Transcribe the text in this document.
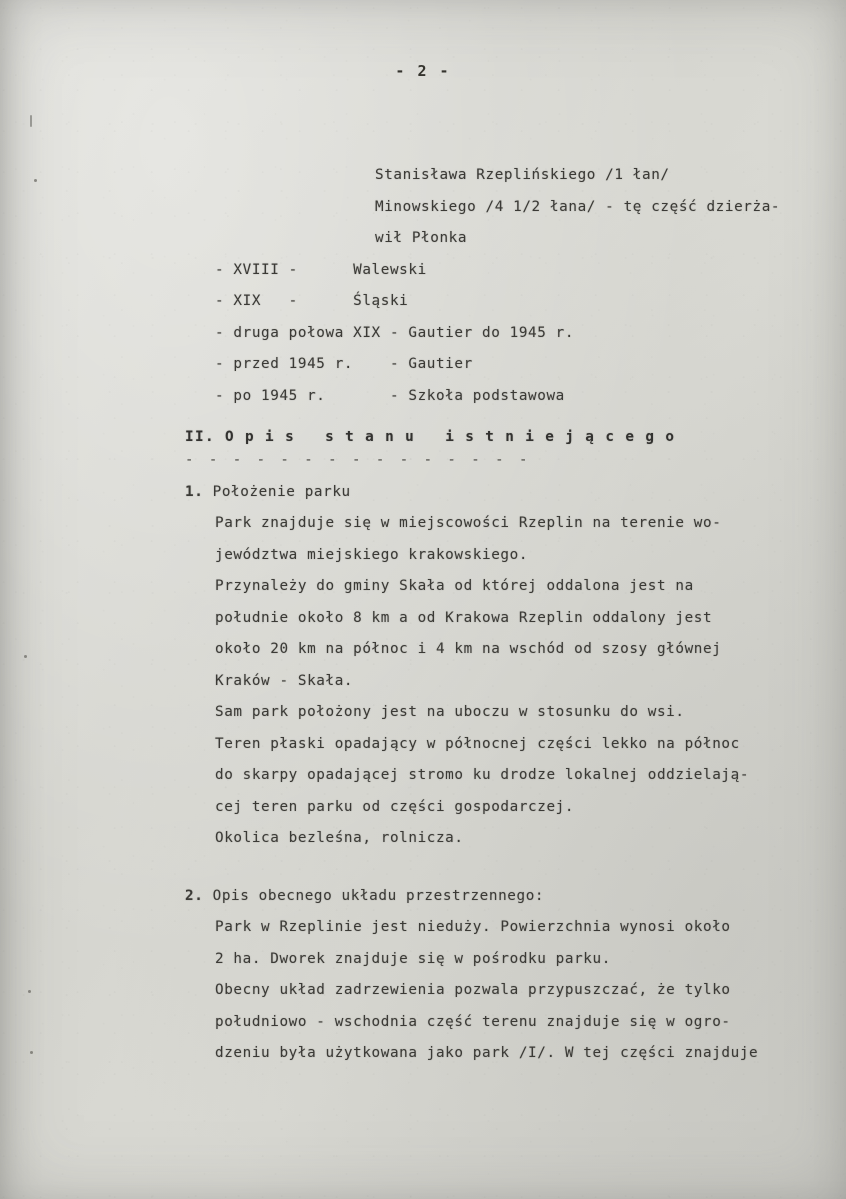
- 2 -
Stanisława Rzeplińskiego /1 łan/
Minowskiego /4 1/2 łana/ - tę część dzierża-
wił Płonka
- XVIII -      Walewski
- XIX   -      Śląski
- druga połowa XIX - Gautier do 1945 r.
- przed 1945 r.    - Gautier
- po 1945 r.       - Szkoła podstawowa
II. O p i s   s t a n u   i s t n i e j ą c e g o
- - - - - - - - - - - - - - -
1. Położenie parku
Park znajduje się w miejscowości Rzeplin na terenie wo-
jewództwa miejskiego krakowskiego.
Przynależy do gminy Skała od której oddalona jest na
południe około 8 km a od Krakowa Rzeplin oddalony jest
około 20 km na północ i 4 km na wschód od szosy głównej
Kraków - Skała.
Sam park położony jest na uboczu w stosunku do wsi.
Teren płaski opadający w północnej części lekko na północ
do skarpy opadającej stromo ku drodze lokalnej oddzielają-
cej teren parku od części gospodarczej.
Okolica bezleśna, rolnicza.
2. Opis obecnego układu przestrzennego:
Park w Rzeplinie jest nieduży. Powierzchnia wynosi około
2 ha. Dworek znajduje się w pośrodku parku.
Obecny układ zadrzewienia pozwala przypuszczać, że tylko
południowo - wschodnia część terenu znajduje się w ogro-
dzeniu była użytkowana jako park /I/. W tej części znajduje
